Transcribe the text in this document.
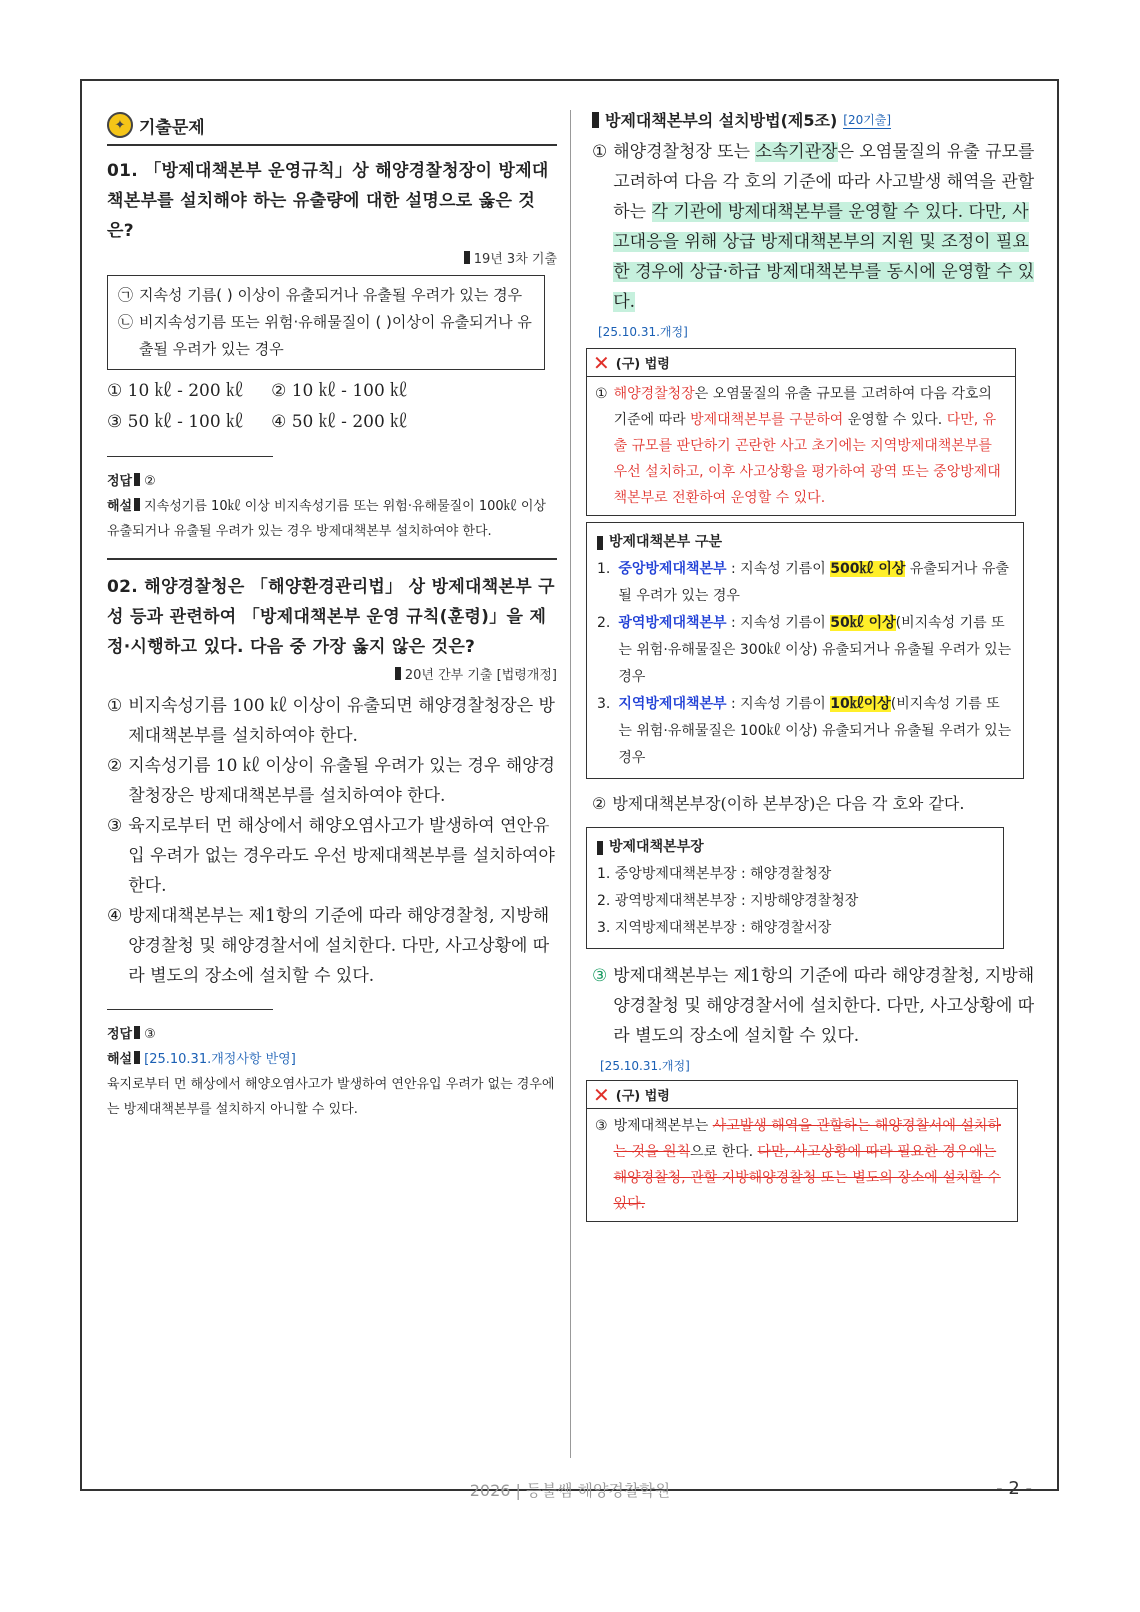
✦ 기출문제
01. 「방제대책본부 운영규칙」상 해양경찰청장이 방제대책본부를 설치해야 하는 유출량에 대한 설명으로 옳은 것은?
19년 3차 기출
㉠ 지속성 기름( ) 이상이 유출되거나 유출될 우려가 있는 경우
㉡ 비지속성기름 또는 위험·유해물질이 ( )이상이 유출되거나 유출될 우려가 있는 경우
① 10 ㎘ - 200 ㎘ ② 10 ㎘ - 100 ㎘
③ 50 ㎘ - 100 ㎘ ④ 50 ㎘ - 200 ㎘
정답 ②
해설 지속성기름 10㎘ 이상 비지속성기름 또는 위험·유해물질이 100㎘ 이상 유출되거나 유출될 우려가 있는 경우 방제대책본부 설치하여야 한다.
02. 해양경찰청은 「해양환경관리법」 상 방제대책본부 구성 등과 관련하여 「방제대책본부 운영 규칙(훈령)」을 제정·시행하고 있다. 다음 중 가장 옳지 않은 것은?
20년 간부 기출 [법령개정]
① 비지속성기름 100 ㎘ 이상이 유출되면 해양경찰청장은 방제대책본부를 설치하여야 한다.
② 지속성기름 10 ㎘ 이상이 유출될 우려가 있는 경우 해양경찰청장은 방제대책본부를 설치하여야 한다.
③ 육지로부터 먼 해상에서 해양오염사고가 발생하여 연안유입 우려가 없는 경우라도 우선 방제대책본부를 설치하여야 한다.
④ 방제대책본부는 제1항의 기준에 따라 해양경찰청, 지방해양경찰청 및 해양경찰서에 설치한다. 다만, 사고상황에 따라 별도의 장소에 설치할 수 있다.
정답 ③
해설 [25.10.31.개정사항 반영]
육지로부터 먼 해상에서 해양오염사고가 발생하여 연안유입 우려가 없는 경우에는 방제대책본부를 설치하지 아니할 수 있다.
방제대책본부의 설치방법(제5조) [20기출]
① 해양경찰청장 또는 소속기관장은 오염물질의 유출 규모를 고려하여 다음 각 호의 기준에 따라 사고발생 해역을 관할하는 각 기관에 방제대책본부를 운영할 수 있다. 다만, 사고대응을 위해 상급 방제대책본부의 지원 및 조정이 필요한 경우에 상급·하급 방제대책본부를 동시에 운영할 수 있다.
[25.10.31.개정]
✕ (구) 법령
① 해양경찰청장은 오염물질의 유출 규모를 고려하여 다음 각호의 기준에 따라 방제대책본부를 구분하여 운영할 수 있다. 다만, 유출 규모를 판단하기 곤란한 사고 초기에는 지역방제대책본부를 우선 설치하고, 이후 사고상황을 평가하여 광역 또는 중앙방제대책본부로 전환하여 운영할 수 있다.
방제대책본부 구분
1. 중앙방제대책본부 : 지속성 기름이 500㎘ 이상 유출되거나 유출될 우려가 있는 경우
2. 광역방제대책본부 : 지속성 기름이 50㎘ 이상(비지속성 기름 또는 위험·유해물질은 300㎘ 이상) 유출되거나 유출될 우려가 있는 경우
3. 지역방제대책본부 : 지속성 기름이 10㎘이상(비지속성 기름 또는 위험·유해물질은 100㎘ 이상) 유출되거나 유출될 우려가 있는 경우
② 방제대책본부장(이하 본부장)은 다음 각 호와 같다.
방제대책본부장
1. 중앙방제대책본부장 : 해양경찰청장
2. 광역방제대책본부장 : 지방해양경찰청장
3. 지역방제대책본부장 : 해양경찰서장
③ 방제대책본부는 제1항의 기준에 따라 해양경찰청, 지방해양경찰청 및 해양경찰서에 설치한다. 다만, 사고상황에 따라 별도의 장소에 설치할 수 있다.
[25.10.31.개정]
✕ (구) 법령
③ 방제대책본부는 사고발생 해역을 관할하는 해양경찰서에 설치하는 것을 원칙으로 한다. 다만, 사고상황에 따라 필요한 경우에는 해양경찰청, 관할 지방해양경찰청 또는 별도의 장소에 설치할 수 있다.
2026 | 등불쌤 해양경찰학원	- 2 -
